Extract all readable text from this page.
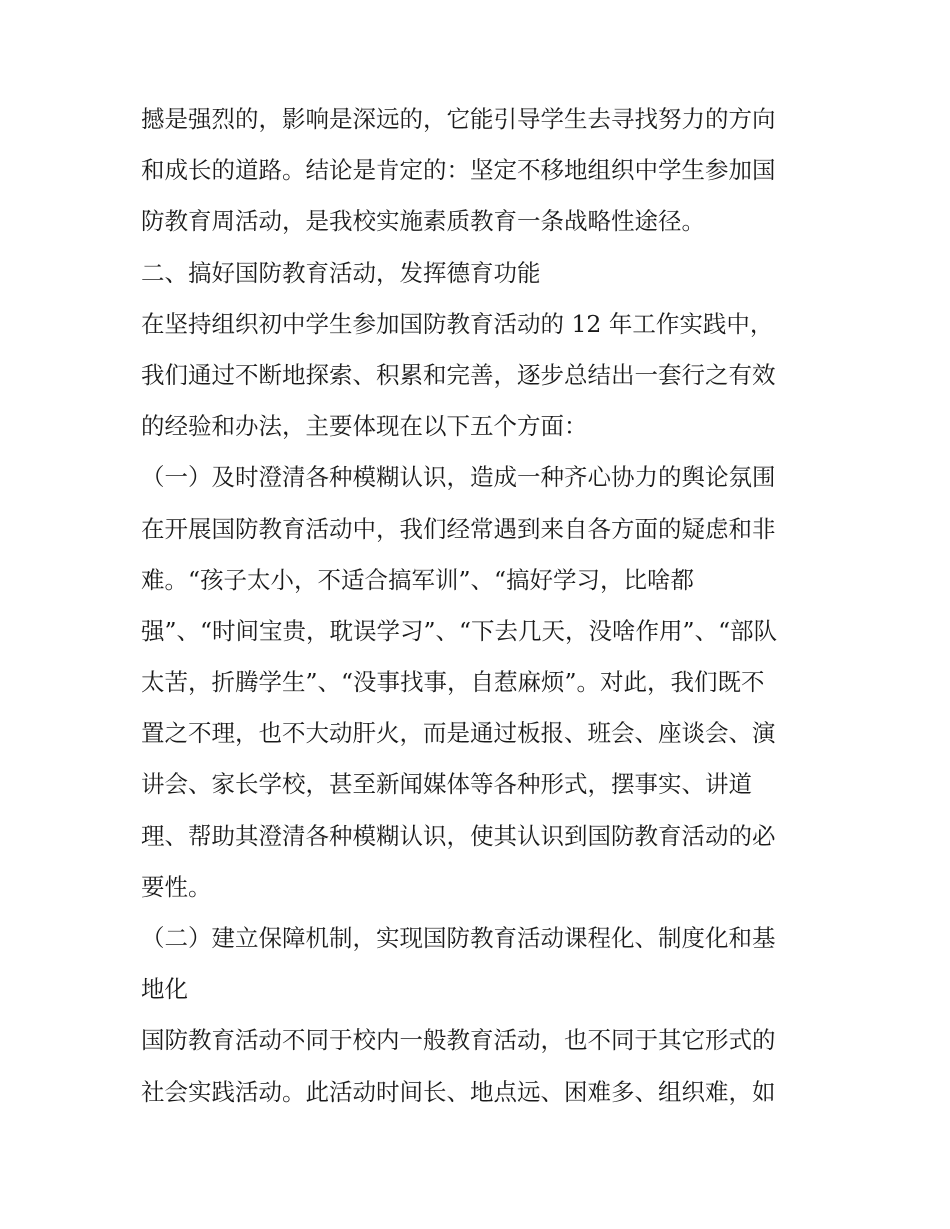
撼是强烈的，影响是深远的，它能引导学生去寻找努力的方向
和成长的道路。结论是肯定的：坚定不移地组织中学生参加国
防教育周活动，是我校实施素质教育一条战略性途径。
二、搞好国防教育活动，发挥德育功能
在坚持组织初中学生参加国防教育活动的 12 年工作实践中，
我们通过不断地探索、积累和完善，逐步总结出一套行之有效
的经验和办法，主要体现在以下五个方面：
（一）及时澄清各种模糊认识，造成一种齐心协力的舆论氛围
在开展国防教育活动中，我们经常遇到来自各方面的疑虑和非
难。“孩子太小，不适合搞军训”、“搞好学习，比啥都
强”、“时间宝贵，耽误学习”、“下去几天，没啥作用”、“部队
太苦，折腾学生”、“没事找事，自惹麻烦”。对此，我们既不
置之不理，也不大动肝火，而是通过板报、班会、座谈会、演
讲会、家长学校，甚至新闻媒体等各种形式，摆事实、讲道
理、帮助其澄清各种模糊认识，使其认识到国防教育活动的必
要性。
（二）建立保障机制，实现国防教育活动课程化、制度化和基
地化
国防教育活动不同于校内一般教育活动，也不同于其它形式的
社会实践活动。此活动时间长、地点远、困难多、组织难，如
